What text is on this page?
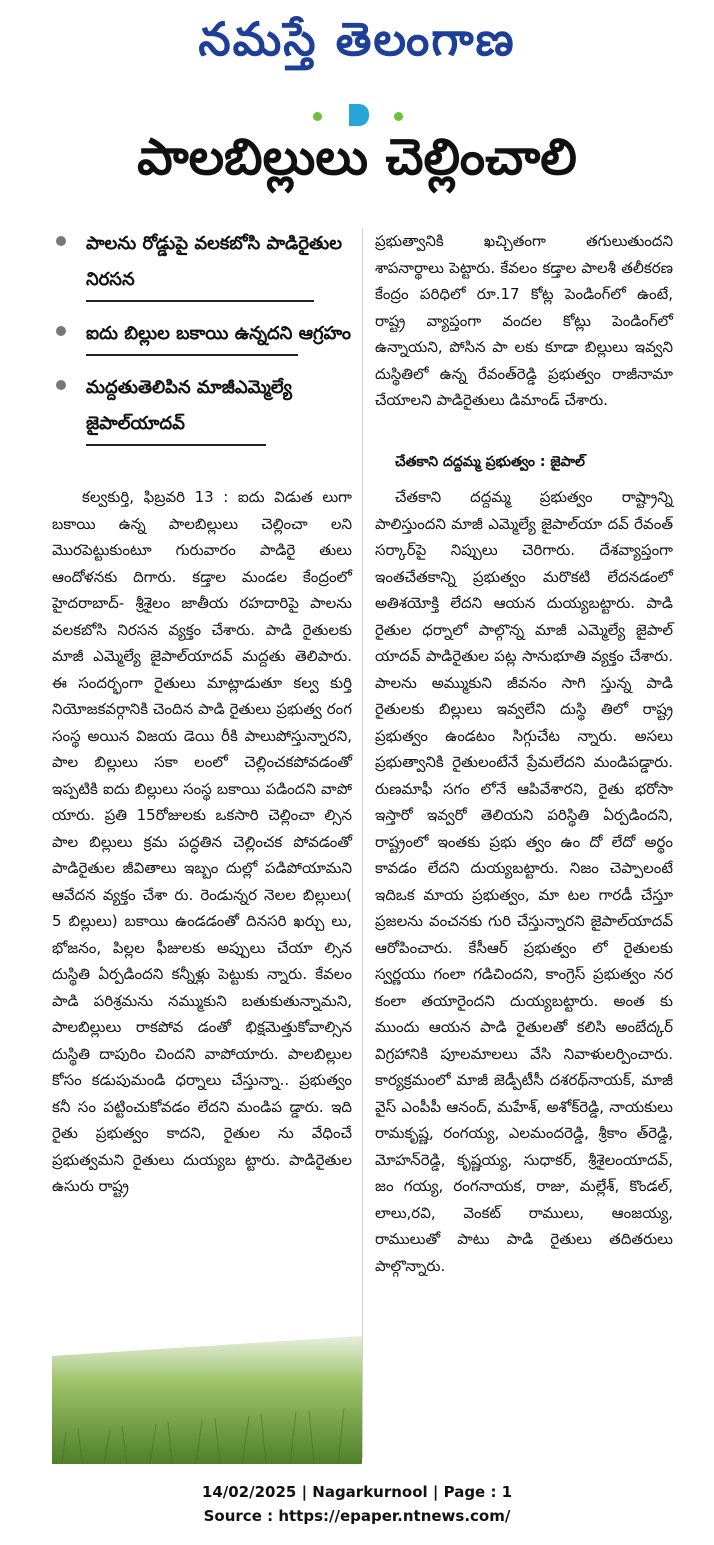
నమస్తే తెలంగాణ
పాలబిల్లులు చెల్లించాలి
పాలను రోడ్డుపై వలకబోసి పాడిరైతుల నిరసన
ఐదు బిల్లుల బకాయి ఉన్నదని ఆగ్రహం
మద్దతుతెలిపిన మాజీఎమ్మెల్యే జైపాల్‌యాదవ్‌
కల్వకుర్తి, ఫిబ్రవరి 13 : ఐదు విడుత లుగా బకాయి ఉన్న పాలబిల్లులు చెల్లించా లని మొరపెట్టుకుంటూ గురువారం పాడిరై తులు ఆందోళనకు దిగారు. కడ్తాల మండల కేంద్రంలో హైదరాబాద్‌- శ్రీశైలం జాతీయ రహదారిపై పాలను వలకబోసి నిరసన వ్యక్తం చేశారు. పాడి రైతులకు మాజీ ఎమ్మెల్యే జైపాల్‌యాదవ్‌ మద్దతు తెలిపారు. ఈ సందర్భంగా రైతులు మాట్లాడుతూ కల్వ కుర్తి నియోజకవర్గానికి చెందిన పాడి రైతులు ప్రభుత్వ రంగ సంస్థ అయిన విజయ డెయి రీకి పాలుపోస్తున్నారని, పాల బిల్లులు సకా లంలో చెల్లించకపోవడంతో ఇప్పటికి ఐదు బిల్లులు సంస్థ బకాయి పడిందని వాపో యారు. ప్రతి 15రోజులకు ఒకసారి చెల్లించా ల్సిన పాల బిల్లులు క్రమ పద్ధతిన చెల్లించక పోవడంతో పాడిరైతుల జీవితాలు ఇబ్బం దుల్లో పడిపోయామని ఆవేదన వ్యక్తం చేశా రు. రెండున్నర నెలల బిల్లులు( 5 బిల్లులు) బకాయి ఉండడంతో దినసరి ఖర్చు లు, భోజనం, పిల్లల ఫీజులకు అప్పులు చేయా ల్సిన దుస్థితి ఏర్పడిందని కన్నీళ్లు పెట్టుకు న్నారు. కేవలం పాడి పరిశ్రమను నమ్ముకుని బతుకుతున్నామని, పాలబిల్లులు రాకపోవ డంతో భిక్షమెత్తుకోవాల్సిన దుస్థితి దాపురిం చిందని వాపోయారు. పాలబిల్లుల కోసం కడుపుమండి ధర్నాలు చేస్తున్నా.. ప్రభుత్వం కనీ సం పట్టించుకోవడం లేదని మండిప డ్డారు. ఇది రైతు ప్రభుత్వం కాదని, రైతుల ను వేధించే ప్రభుత్వమని రైతులు దుయ్యబ ట్టారు. పాడిరైతుల ఉసురు రాష్ట్ర
ప్రభుత్వానికి ఖచ్చితంగా తగులుతుందని శాపనార్థాలు పెట్టారు. కేవలం కడ్తాల పాలశీ తలీకరణ కేంద్రం పరిధిలో రూ.17 కోట్ల పెండింగ్‌లో ఉంటే, రాష్ట్ర వ్యాప్తంగా వందల కోట్లు పెండింగ్‌లో ఉన్నాయని, పోసిన పా లకు కూడా బిల్లులు ఇవ్వని దుస్థితిలో ఉన్న రేవంత్‌రెడ్డి ప్రభుత్వం రాజీనామా చేయాలని పాడిరైతులు డిమాండ్‌ చేశారు.
చేతకాని దద్దమ్మ ప్రభుత్వం : జైపాల్‌
చేతకాని దద్దమ్మ ప్రభుత్వం రాష్ట్రాన్ని పాలిస్తుందని మాజీ ఎమ్మెల్యే జైపాల్‌యా దవ్‌ రేవంత్‌ సర్కార్‌పై నిప్పులు చెరిగారు. దేశవ్యాప్తంగా ఇంతచేతకాన్ని ప్రభుత్వం మరొకటి లేదనడంలో అతిశయోక్తి లేదని ఆయన దుయ్యబట్టారు. పాడి రైతుల ధర్నాలో పాల్గొన్న మాజీ ఎమ్మెల్యే జైపాల్‌ యాదవ్‌ పాడిరైతుల పట్ల సానుభూతి వ్యక్తం చేశారు. పాలను అమ్ముకుని జీవనం సాగి స్తున్న పాడి రైతులకు బిల్లులు ఇవ్వలేని దుస్థి తిలో రాష్ట్ర ప్రభుత్వం ఉండటం సిగ్గుచేట న్నారు. అసలు ప్రభుత్వానికి రైతులంటేనే ప్రేమలేదని మండిపడ్డారు. రుణమాఫీ సగం లోనే ఆపివేశారని, రైతు భరోసా ఇస్తారో ఇవ్వరో తెలియని పరిస్థితి ఏర్పడిందని, రాష్ట్రంలో ఇంతకు ప్రభు త్వం ఉం దో లేదో అర్థం కావడం లేదని దుయ్యబట్టారు. నిజం చెప్పాలంటే ఇదిఒక మాయ ప్రభుత్వం, మా టల గారడీ చేస్తూ ప్రజలను వంచనకు గురి చేస్తున్నారని జైపాల్‌యాదవ్‌ ఆరోపించారు. కేసీఆర్‌ ప్రభుత్వం లో రైతులకు స్వర్ణయు గంలా గడిచిందని, కాంగ్రెస్‌ ప్రభుత్వం నర కంలా తయారైందని దుయ్యబట్టారు. అంత కు ముందు ఆయన పాడి రైతులతో కలిసి అంబేద్కర్‌ విగ్రహానికి పూలమాలలు వేసి నివాళులర్పించారు. కార్యక్రమంలో మాజీ జెడ్పీటీసీ దశరథ్‌నాయక్‌, మాజీ వైస్‌ ఎంపీపీ ఆనంద్‌, మహేశ్‌, అశోక్‌రెడ్డి, నాయకులు రామకృష్ణ, రంగయ్య, ఎలమందరెడ్డి, శ్రీకాం త్‌రెడ్డి, మోహన్‌రెడ్డి, కృష్ణయ్య, సుధాకర్‌, శ్రీశైలంయాదవ్‌, జం గయ్య, రంగనాయక, రాజు, మల్లేశ్‌, కొండల్‌, లాలు,రవి, వెంకట్‌ రాములు, ఆంజయ్య, రాములుతో పాటు పాడి రైతులు తదితరులు పాల్గొన్నారు.
14/02/2025 | Nagarkurnool | Page : 1
Source : https://epaper.ntnews.com/
